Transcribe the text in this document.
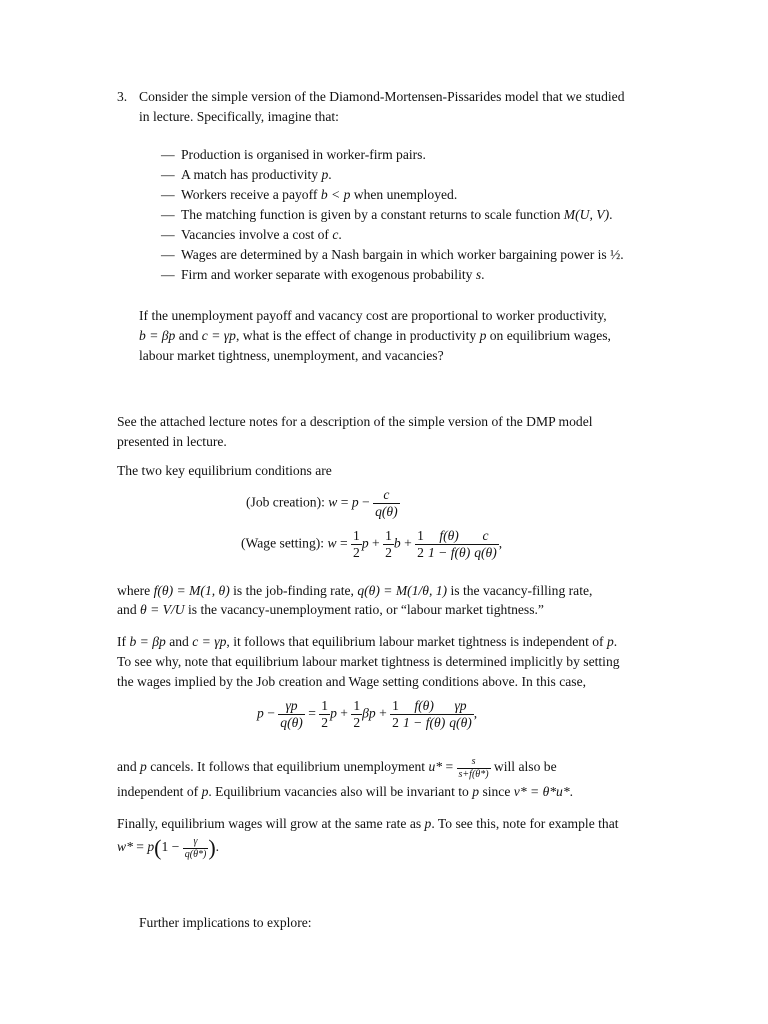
3. Consider the simple version of the Diamond-Mortensen-Pissarides model that we studied
in lecture. Specifically, imagine that:
— Production is organised in worker-firm pairs.
— A match has productivity p.
— Workers receive a payoff b < p when unemployed.
— The matching function is given by a constant returns to scale function M(U, V).
— Vacancies involve a cost of c.
— Wages are determined by a Nash bargain in which worker bargaining power is ½.
— Firm and worker separate with exogenous probability s.
If the unemployment payoff and vacancy cost are proportional to worker productivity,
b = βp and c = γp, what is the effect of change in productivity p on equilibrium wages,
labour market tightness, unemployment, and vacancies?
See the attached lecture notes for a description of the simple version of the DMP model
presented in lecture.
The two key equilibrium conditions are
(Job creation): $w = p - \frac{c}{q(\theta)}$
(Wage setting): $w = \frac{1}{2}$ $p + \frac{1}{2}$ $b + \frac{1}{2} \frac{f(\theta)}{1 - f(\theta)} \frac{c}{q(\theta)}$ ,
where f(θ) = M(1, θ) is the job-finding rate, q(θ) = M(1/θ, 1) is the vacancy-filling rate,
and θ = V/U is the vacancy-unemployment ratio, or “labour market tightness.”
If b = βp and c = γp, it follows that equilibrium labour market tightness is independent of p.
To see why, note that equilibrium labour market tightness is determined implicitly by setting
the wages implied by the Job creation and Wage setting conditions above. In this case,
$p - \frac{\gamma p}{q(\theta)} = \frac{1}{2}$ $p + \frac{1}{2}$ $\beta p + \frac{1}{2} \frac{f(\theta)}{1 - f(\theta)} \frac{\gamma p}{q(\theta)}$ ,
and p cancels. It follows that equilibrium unemployment $u* = \frac{s}{s+f(\theta*)}$ will also be
independent of p. Equilibrium vacancies also will be invariant to p since v* = θ*u*.
Finally, equilibrium wages will grow at the same rate as p. To see this, note for example that
$w* = p(1 - \frac{\gamma}{q(\theta*)}$ ).
Further implications to explore:
